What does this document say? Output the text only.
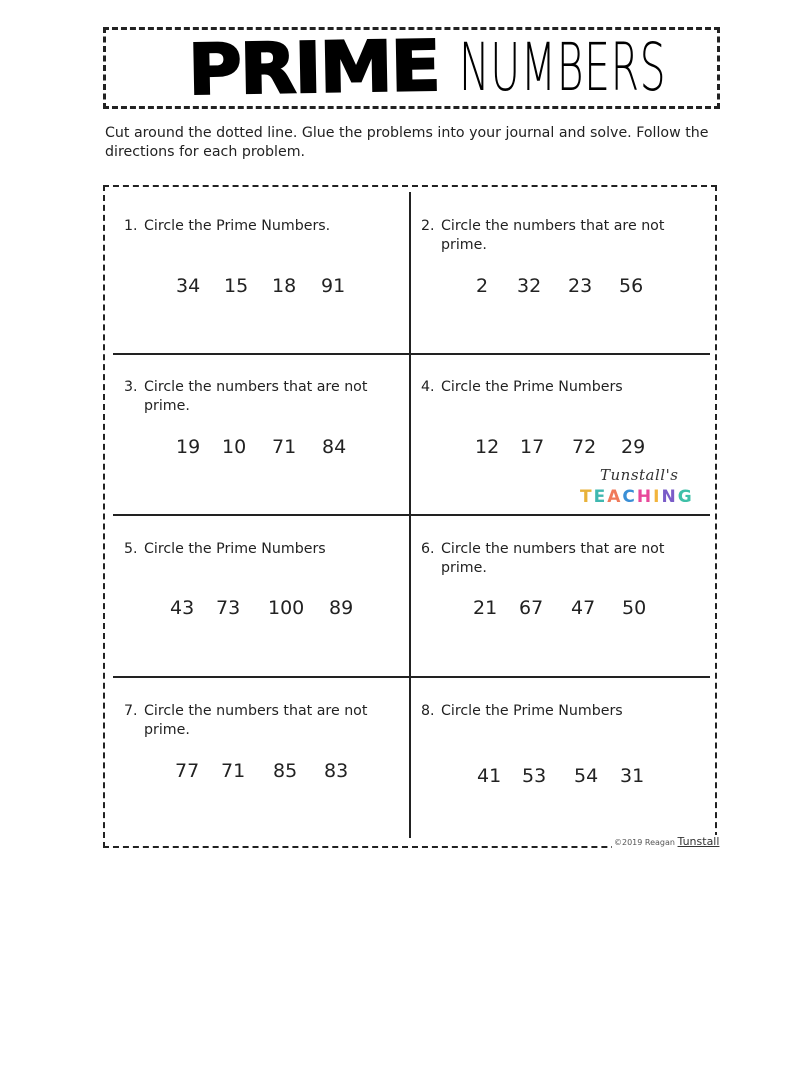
PRIME NUMBERS
Cut around the dotted line. Glue the problems into your journal and solve. Follow the directions for each problem.
1. Circle the Prime Numbers.
34 15 18 91
2. Circle the numbers that are not prime.
2 32 23 56
3. Circle the numbers that are not prime.
19 10 71 84
4. Circle the Prime Numbers
12 17 72 29
5. Circle the Prime Numbers
43 73 100 89
6. Circle the numbers that are not prime.
21 67 47 50
7. Circle the numbers that are not prime.
77 71 85 83
8. Circle the Prime Numbers
41 53 54 31
Tunstall's
TEACHING
©2019 Reagan Tunstall
